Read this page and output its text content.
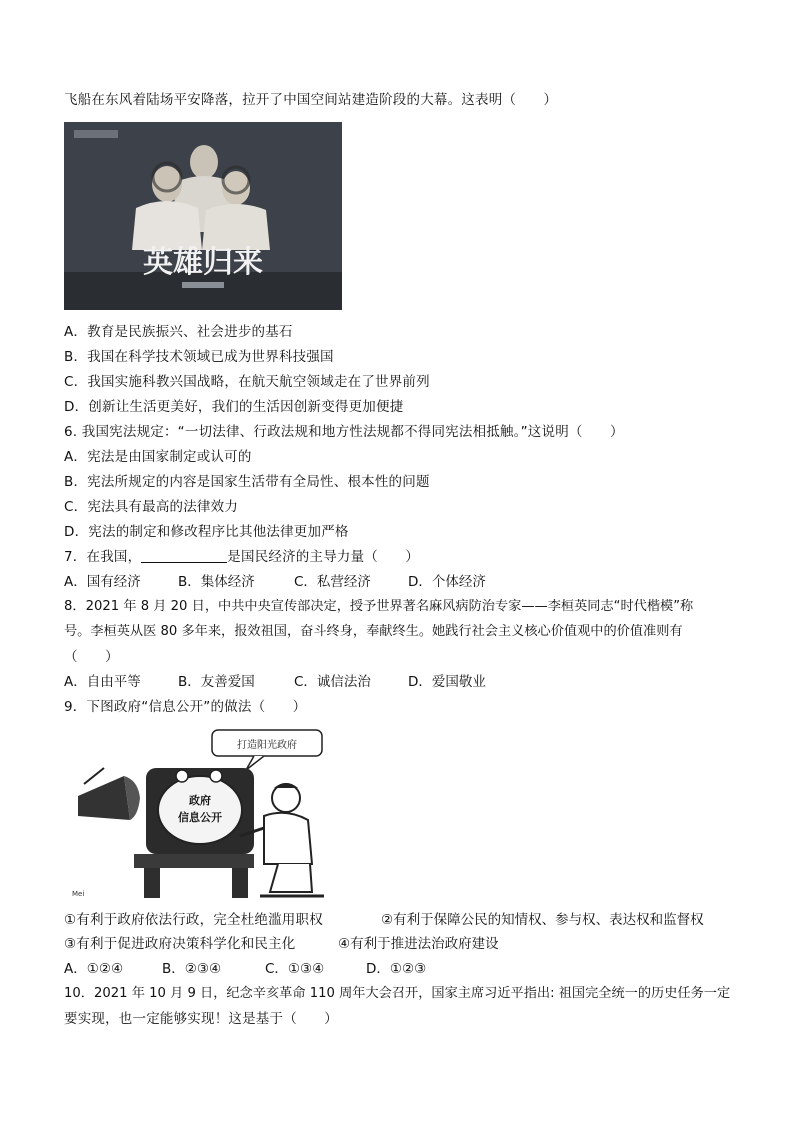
飞船在东风着陆场平安降落，拉开了中国空间站建造阶段的大幕。这表明（　　）
英雄归来
A．教育是民族振兴、社会进步的基石
B．我国在科学技术领域已成为世界科技强国
C．我国实施科教兴国战略，在航天航空领域走在了世界前列
D．创新让生活更美好，我们的生活因创新变得更加便捷
6. 我国宪法规定：“一切法律、行政法规和地方性法规都不得同宪法相抵触。”这说明（　　）
A．宪法是由国家制定或认可的
B．宪法所规定的内容是国家生活带有全局性、根本性的问题
C．宪法具有最高的法律效力
D．宪法的制定和修改程序比其他法律更加严格
7．在我国，	是国民经济的主导力量（　　）
A．国有经济	B．集体经济	C．私营经济	D．个体经济
8．2021 年 8 月 20 日，中共中央宣传部决定，授予世界著名麻风病防治专家——李桓英同志“时代楷模”称
号。李桓英从医 80 多年来，报效祖国，奋斗终身，奉献终生。她践行社会主义核心价值观中的价值准则有
（　　）
A．自由平等	B．友善爱国	C．诚信法治	D．爱国敬业
9．下图政府“信息公开”的做法（　　）
打造阳光政府
政府
信息公开
Mei
①有利于政府依法行政，完全杜绝滥用职权	②有利于保障公民的知情权、参与权、表达权和监督权
③有利于促进政府决策科学化和民主化	④有利于推进法治政府建设
A．①②④	B．②③④	C．①③④	D．①②③
10．2021 年 10 月 9 日，纪念辛亥革命 110 周年大会召开，国家主席习近平指出: 祖国完全统一的历史任务一定
要实现，也一定能够实现！这是基于（　　）
